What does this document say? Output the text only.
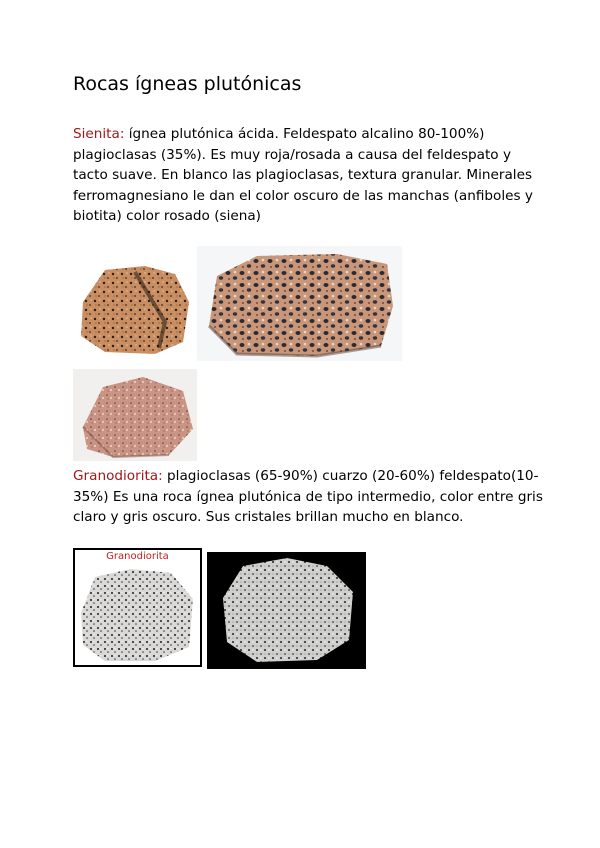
Rocas ígneas plutónicas

Sienita: ígnea plutónica ácida. Feldespato alcalino 80-100%) plagioclasas (35%). Es muy roja/rosada a causa del feldespato y tacto suave. En blanco las plagioclasas, textura granular. Minerales ferromagnesiano le dan el color oscuro de las manchas (anfiboles y biotita) color rosado (siena)

Granodiorita: plagioclasas (65-90%) cuarzo (20-60%) feldespato(10-35%) Es una roca ígnea plutónica de tipo intermedio, color entre gris claro y gris oscuro. Sus cristales brillan mucho en blanco.

Granodiorita
